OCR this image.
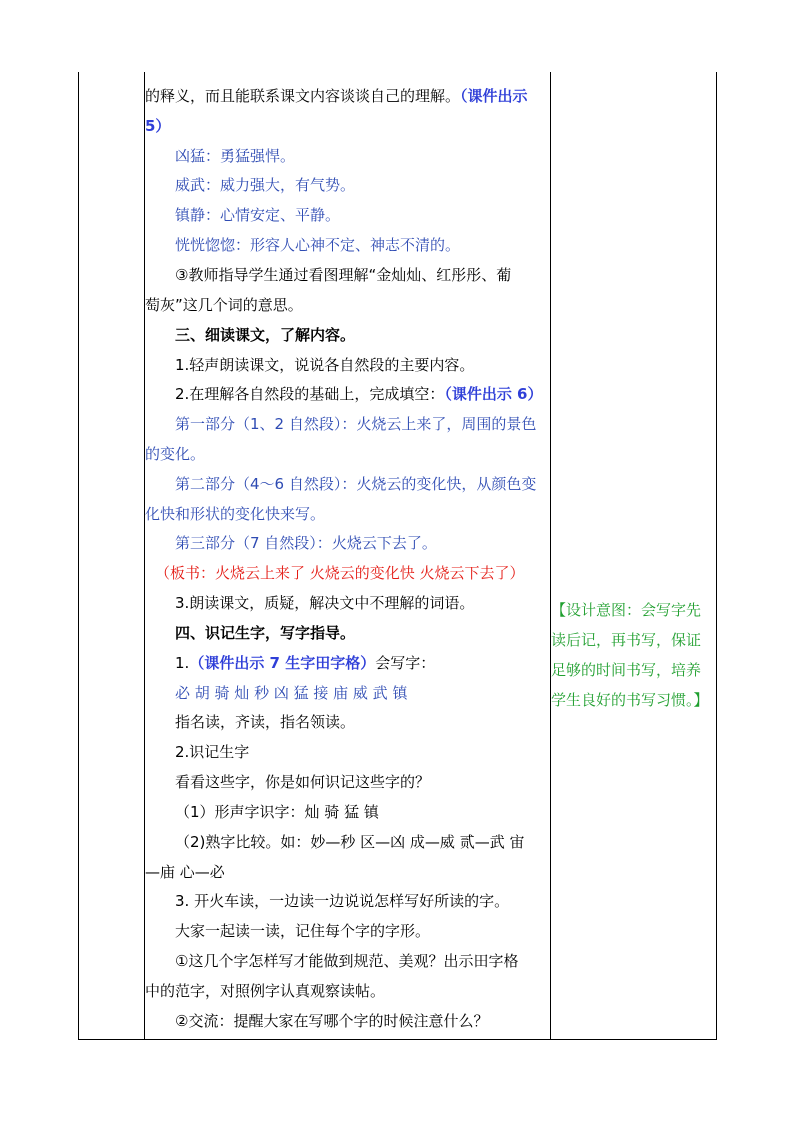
的释义，而且能联系课文内容谈谈自己的理解。（课件出示
5）
凶猛：勇猛强悍。
威武：威力强大，有气势。
镇静：心情安定、平静。
恍恍惚惚：形容人心神不定、神志不清的。
③教师指导学生通过看图理解“金灿灿、红彤彤、葡
萄灰”这几个词的意思。
三、细读课文，了解内容。
1.轻声朗读课文，说说各自然段的主要内容。
2.在理解各自然段的基础上，完成填空：（课件出示 6）
第一部分（1、2 自然段）：火烧云上来了，周围的景色
的变化。
第二部分（4～6 自然段）：火烧云的变化快，从颜色变
化快和形状的变化快来写。
第三部分（7 自然段）：火烧云下去了。
（板书：火烧云上来了 火烧云的变化快 火烧云下去了）
3.朗读课文，质疑，解决文中不理解的词语。
四、识记生字，写字指导。
1.（课件出示 7 生字田字格）会写字：
必 胡 骑 灿 秒 凶 猛 接 庙 威 武 镇
指名读，齐读，指名领读。
2.识记生字
看看这些字，你是如何识记这些字的？
（1）形声字识字：灿 骑 猛 镇
（2)熟字比较。如：妙—秒 区—凶 成—威 贰—武 宙
—庙 心—必
3. 开火车读，一边读一边说说怎样写好所读的字。
大家一起读一读，记住每个字的字形。
①这几个字怎样写才能做到规范、美观？出示田字格
中的范字，对照例字认真观察读帖。
②交流：提醒大家在写哪个字的时候注意什么？
【设计意图：会写字先
读后记，再书写，保证
足够的时间书写，培养
学生良好的书写习惯。】
